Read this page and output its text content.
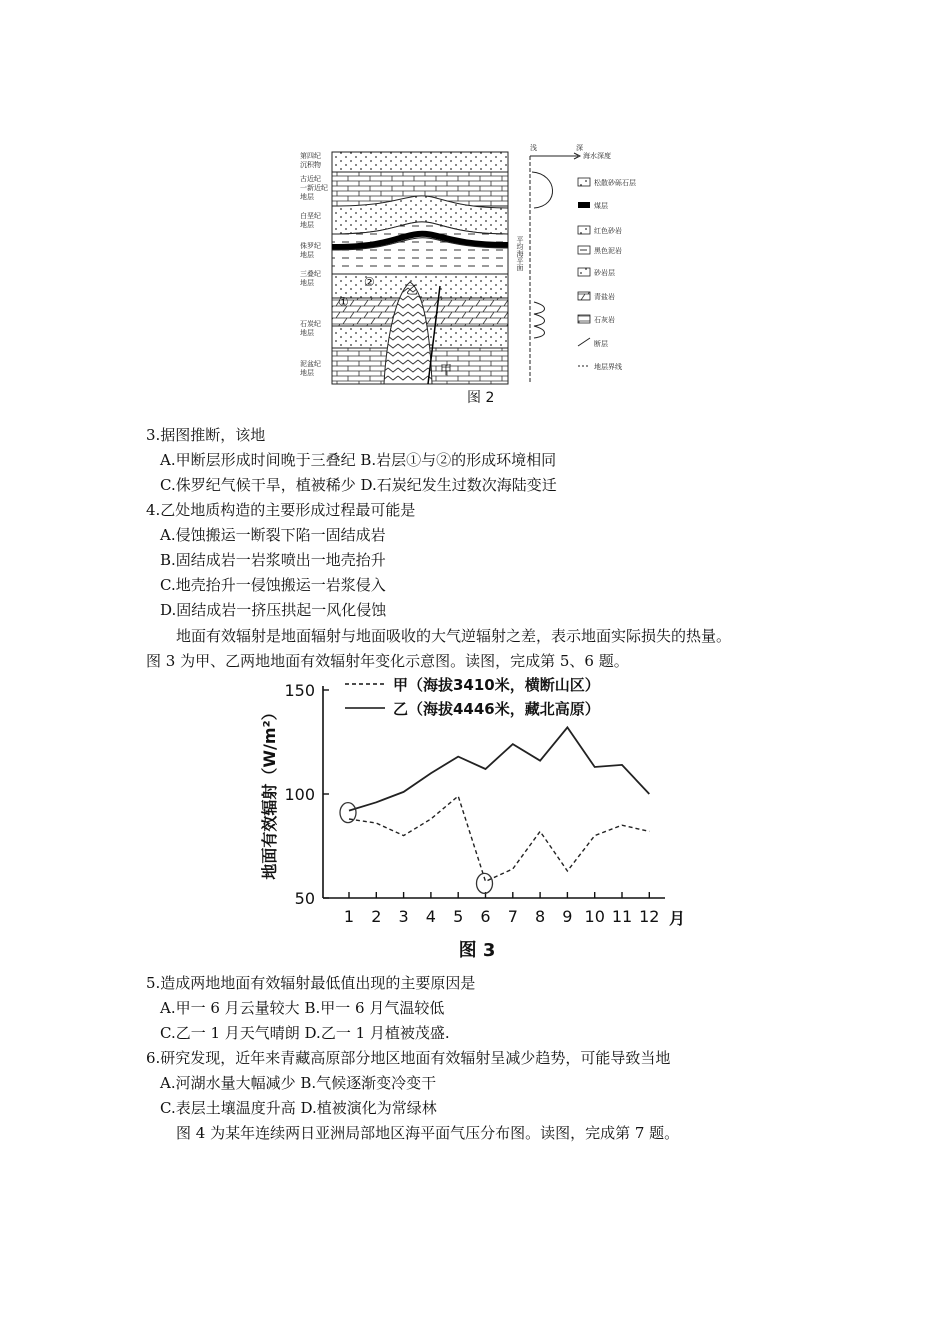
第四纪
沉积物
古近纪
一新近纪
地层
白垩纪
地层
侏罗纪
地层
三叠纪
地层
石炭纪
地层
泥盆纪
地层
①
②
乙
甲
浅	深
海水深度
平均海平面
松散砂砾石层
煤层
红色砂岩
黑色泥岩
砂岩层
青盐岩
石灰岩
断层
地层界线
图 2
3.据图推断，该地
A.甲断层形成时间晚于三叠纪 B.岩层①与②的形成环境相同
C.侏罗纪气候干旱，植被稀少 D.石炭纪发生过数次海陆变迁
4.乙处地质构造的主要形成过程最可能是
A.侵蚀搬运一断裂下陷一固结成岩
B.固结成岩一岩浆喷出一地壳抬升
C.地壳抬升一侵蚀搬运一岩浆侵入
D.固结成岩一挤压拱起一风化侵蚀
地面有效辐射是地面辐射与地面吸收的大气逆辐射之差，表示地面实际损失的热量。
图 3 为甲、乙两地地面有效辐射年变化示意图。读图，完成第 5、6 题。
地面有效辐射（W/m²）
150
100
50
1 2 3 4 5 6 7 8 9 10 11 12
甲（海拔3410米，横断山区）
乙（海拔4446米，藏北高原）
月
图 3
5.造成两地地面有效辐射最低值出现的主要原因是
A.甲一 6 月云量较大 B.甲一 6 月气温较低
C.乙一 1 月天气晴朗 D.乙一 1 月植被茂盛.
6.研究发现，近年来青藏高原部分地区地面有效辐射呈减少趋势，可能导致当地
A.河湖水量大幅减少 B.气候逐渐变冷变干
C.表层土壤温度升高 D.植被演化为常绿林
图 4 为某年连续两日亚洲局部地区海平面气压分布图。读图，完成第 7 题。
